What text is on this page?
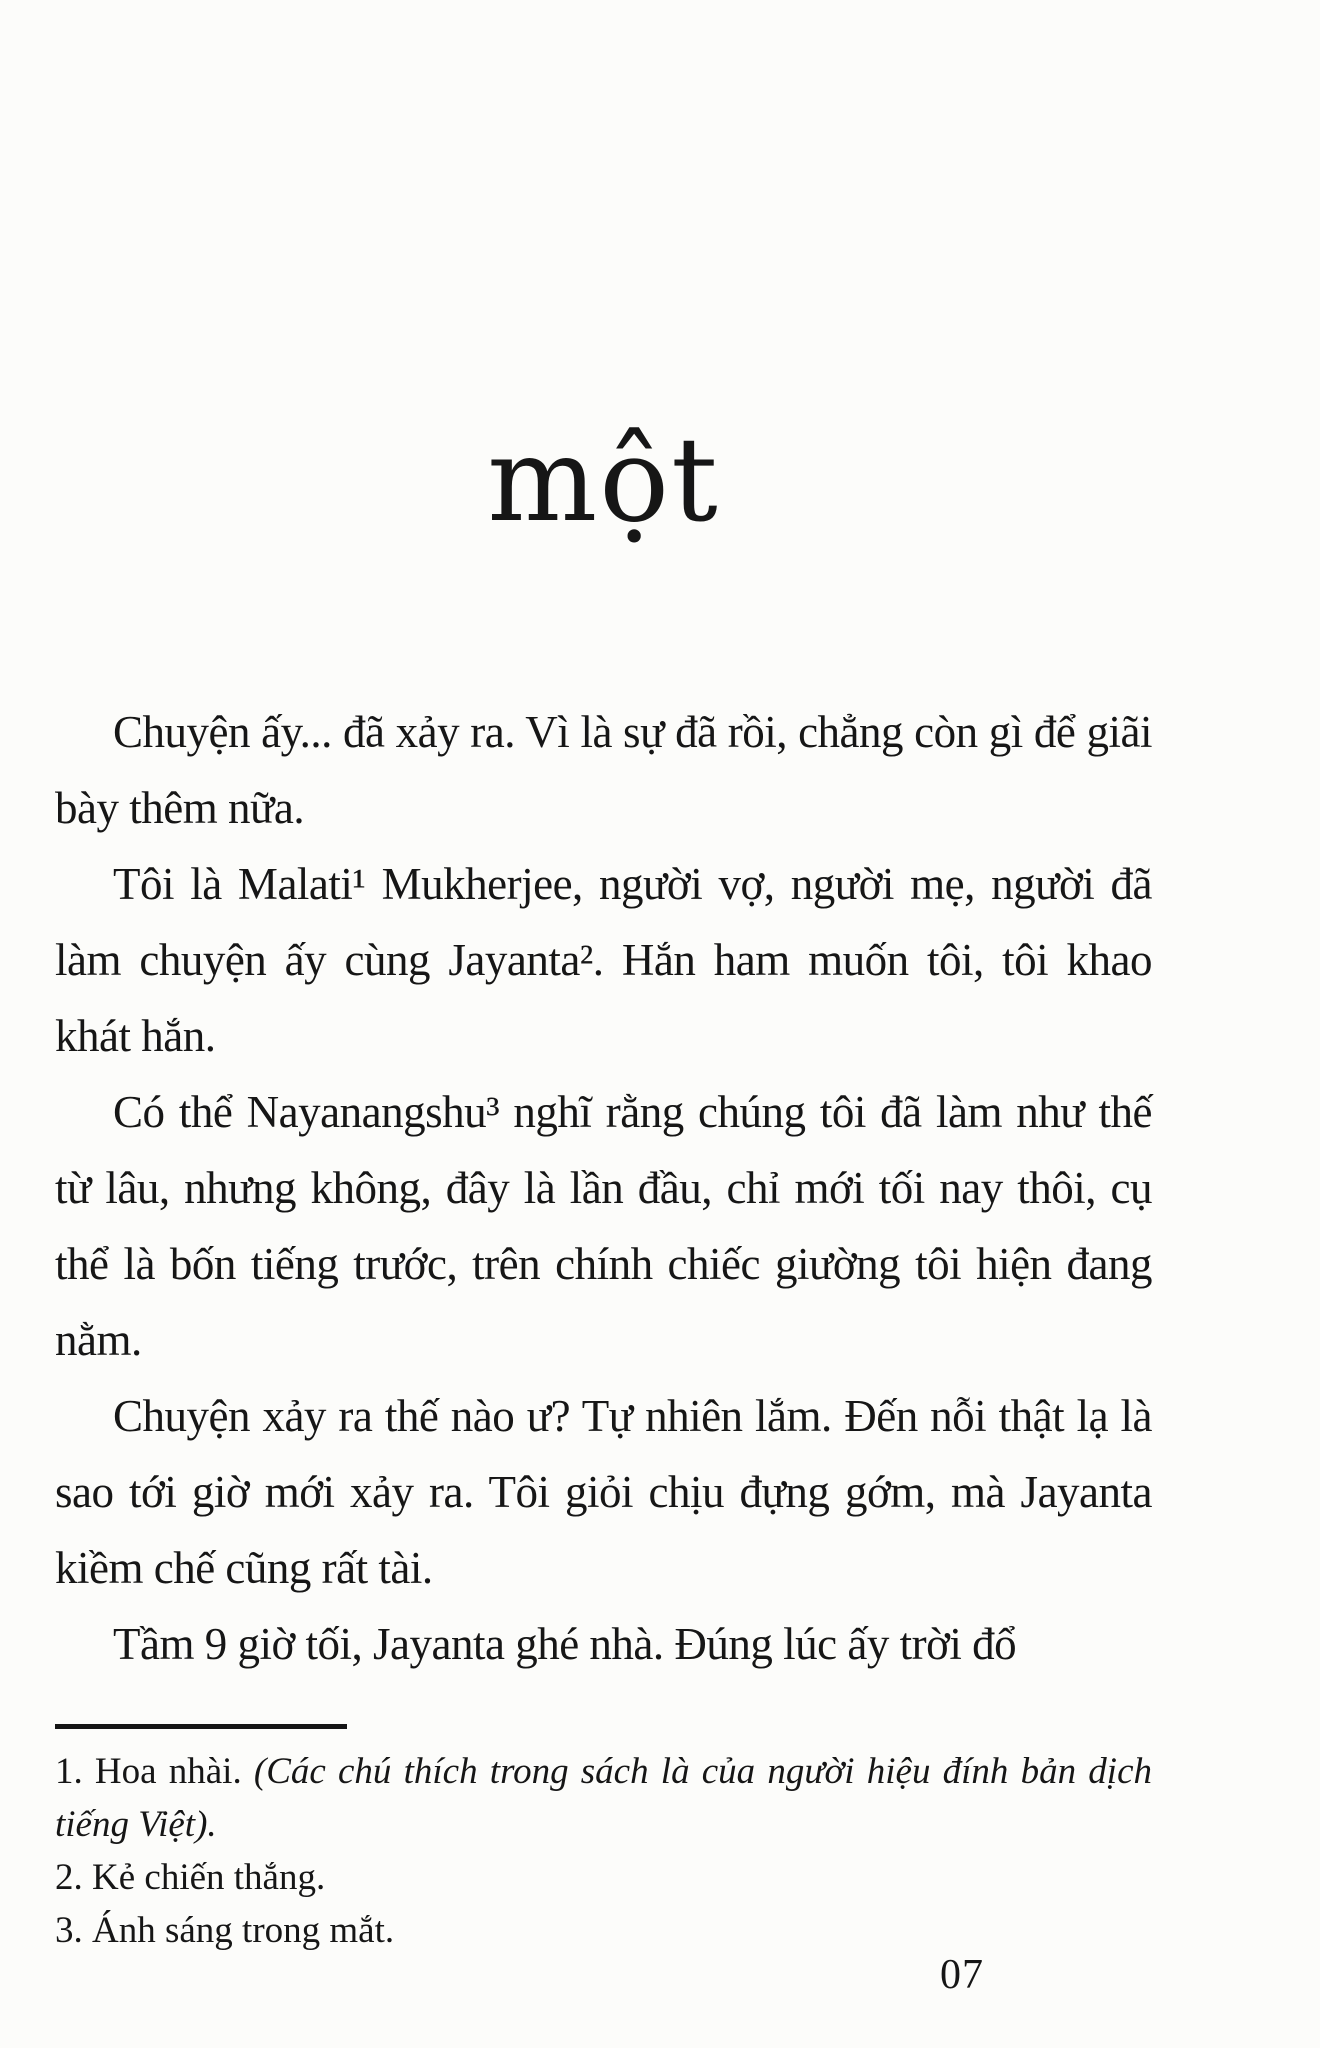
một

Chuyện ấy... đã xảy ra. Vì là sự đã rồi, chẳng còn gì để giãi bày thêm nữa.

Tôi là Malati¹ Mukherjee, người vợ, người mẹ, người đã làm chuyện ấy cùng Jayanta². Hắn ham muốn tôi, tôi khao khát hắn.

Có thể Nayanangshu³ nghĩ rằng chúng tôi đã làm như thế từ lâu, nhưng không, đây là lần đầu, chỉ mới tối nay thôi, cụ thể là bốn tiếng trước, trên chính chiếc giường tôi hiện đang nằm.

Chuyện xảy ra thế nào ư? Tự nhiên lắm. Đến nỗi thật lạ là sao tới giờ mới xảy ra. Tôi giỏi chịu đựng gớm, mà Jayanta kiềm chế cũng rất tài.

Tầm 9 giờ tối, Jayanta ghé nhà. Đúng lúc ấy trời đổ

1. Hoa nhài. (Các chú thích trong sách là của người hiệu đính bản dịch tiếng Việt).

2. Kẻ chiến thắng.

3. Ánh sáng trong mắt.

07
